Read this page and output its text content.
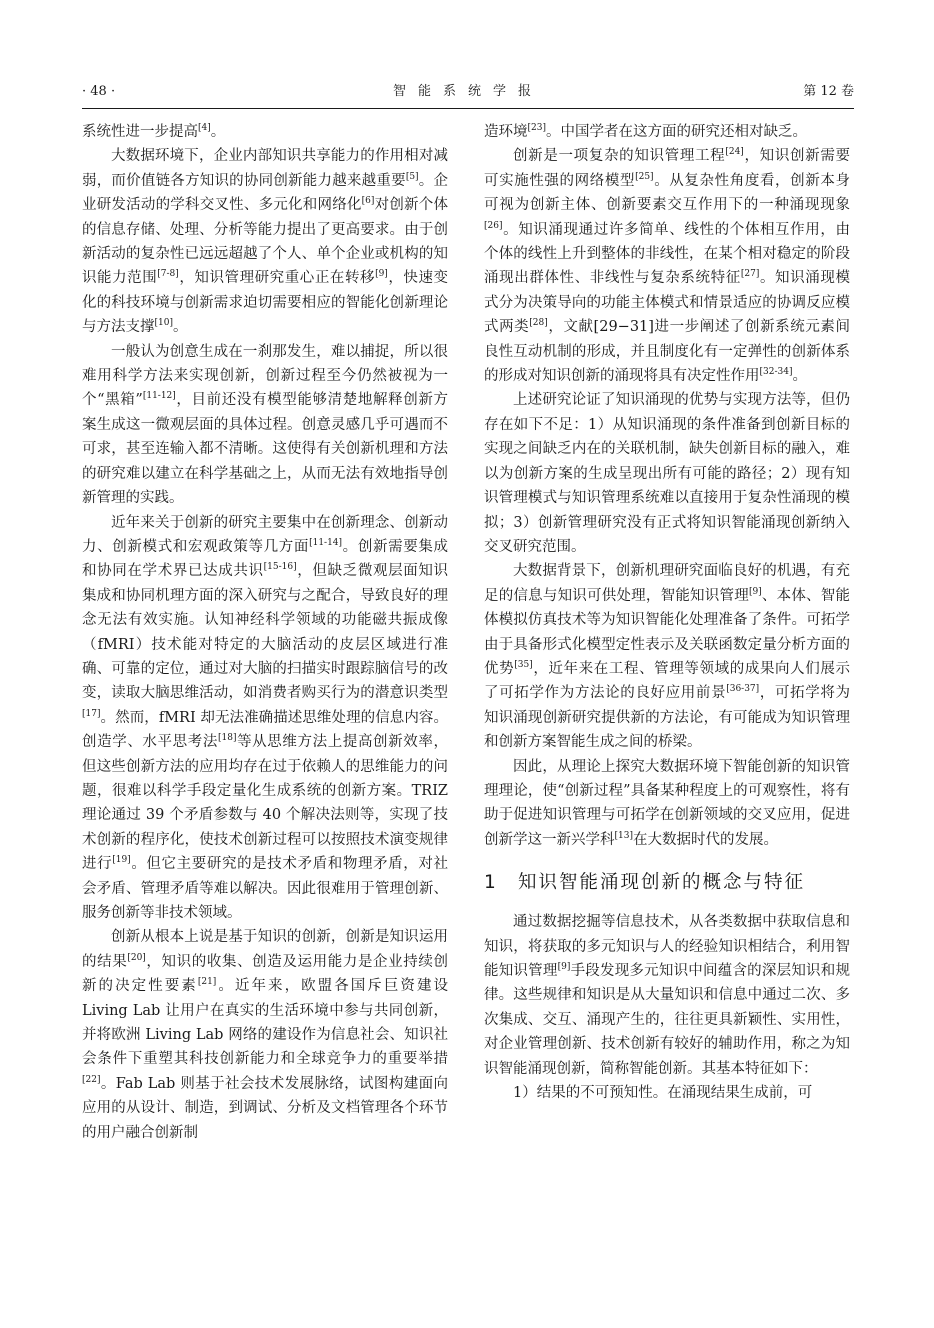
· 48 ·	智能系统学报	第 12 卷

系统性进一步提高[4]。

大数据环境下，企业内部知识共享能力的作用相对减弱，而价值链各方知识的协同创新能力越来越重要[5]。企业研发活动的学科交叉性、多元化和网络化[6]对创新个体的信息存储、处理、分析等能力提出了更高要求。由于创新活动的复杂性已远远超越了个人、单个企业或机构的知识能力范围[7-8]，知识管理研究重心正在转移[9]，快速变化的科技环境与创新需求迫切需要相应的智能化创新理论与方法支撑[10]。

一般认为创意生成在一刹那发生，难以捕捉，所以很难用科学方法来实现创新，创新过程至今仍然被视为一个“黑箱”[11-12]，目前还没有模型能够清楚地解释创新方案生成这一微观层面的具体过程。创意灵感几乎可遇而不可求，甚至连输入都不清晰。这使得有关创新机理和方法的研究难以建立在科学基础之上，从而无法有效地指导创新管理的实践。

近年来关于创新的研究主要集中在创新理念、创新动力、创新模式和宏观政策等几方面[11-14]。创新需要集成和协同在学术界已达成共识[15-16]，但缺乏微观层面知识集成和协同机理方面的深入研究与之配合，导致良好的理念无法有效实施。认知神经科学领域的功能磁共振成像（fMRI）技术能对特定的大脑活动的皮层区域进行准确、可靠的定位，通过对大脑的扫描实时跟踪脑信号的改变，读取大脑思维活动，如消费者购买行为的潜意识类型[17]。然而，fMRI 却无法准确描述思维处理的信息内容。创造学、水平思考法[18]等从思维方法上提高创新效率，但这些创新方法的应用均存在过于依赖人的思维能力的问题，很难以科学手段定量化生成系统的创新方案。TRIZ 理论通过 39 个矛盾参数与 40 个解决法则等，实现了技术创新的程序化，使技术创新过程可以按照技术演变规律进行[19]。但它主要研究的是技术矛盾和物理矛盾，对社会矛盾、管理矛盾等难以解决。因此很难用于管理创新、服务创新等非技术领域。

创新从根本上说是基于知识的创新，创新是知识运用的结果[20]，知识的收集、创造及运用能力是企业持续创新的决定性要素[21]。近年来，欧盟各国斥巨资建设 Living Lab 让用户在真实的生活环境中参与共同创新，并将欧洲 Living Lab 网络的建设作为信息社会、知识社会条件下重塑其科技创新能力和全球竞争力的重要举措[22]。Fab Lab 则基于社会技术发展脉络，试图构建面向应用的从设计、制造，到调试、分析及文档管理各个环节的用户融合创新制

造环境[23]。中国学者在这方面的研究还相对缺乏。

创新是一项复杂的知识管理工程[24]，知识创新需要可实施性强的网络模型[25]。从复杂性角度看，创新本身可视为创新主体、创新要素交互作用下的一种涌现现象[26]。知识涌现通过许多简单、线性的个体相互作用，由个体的线性上升到整体的非线性，在某个相对稳定的阶段涌现出群体性、非线性与复杂系统特征[27]。知识涌现模式分为决策导向的功能主体模式和情景适应的协调反应模式两类[28]，文献[29−31]进一步阐述了创新系统元素间良性互动机制的形成，并且制度化有一定弹性的创新体系的形成对知识创新的涌现将具有决定性作用[32-34]。

上述研究论证了知识涌现的优势与实现方法等，但仍存在如下不足：1）从知识涌现的条件准备到创新目标的实现之间缺乏内在的关联机制，缺失创新目标的融入，难以为创新方案的生成呈现出所有可能的路径；2）现有知识管理模式与知识管理系统难以直接用于复杂性涌现的模拟；3）创新管理研究没有正式将知识智能涌现创新纳入交叉研究范围。

大数据背景下，创新机理研究面临良好的机遇，有充足的信息与知识可供处理，智能知识管理[9]、本体、智能体模拟仿真技术等为知识智能化处理准备了条件。可拓学由于具备形式化模型定性表示及关联函数定量分析方面的优势[35]，近年来在工程、管理等领域的成果向人们展示了可拓学作为方法论的良好应用前景[36-37]，可拓学将为知识涌现创新研究提供新的方法论，有可能成为知识管理和创新方案智能生成之间的桥梁。

因此，从理论上探究大数据环境下智能创新的知识管理理论，使“创新过程”具备某种程度上的可观察性，将有助于促进知识管理与可拓学在创新领域的交叉应用，促进创新学这一新兴学科[13]在大数据时代的发展。

1 知识智能涌现创新的概念与特征

通过数据挖掘等信息技术，从各类数据中获取信息和知识，将获取的多元知识与人的经验知识相结合，利用智能知识管理[9]手段发现多元知识中间蕴含的深层知识和规律。这些规律和知识是从大量知识和信息中通过二次、多次集成、交互、涌现产生的，往往更具新颖性、实用性，对企业管理创新、技术创新有较好的辅助作用，称之为知识智能涌现创新，简称智能创新。其基本特征如下：

1）结果的不可预知性。在涌现结果生成前，可
